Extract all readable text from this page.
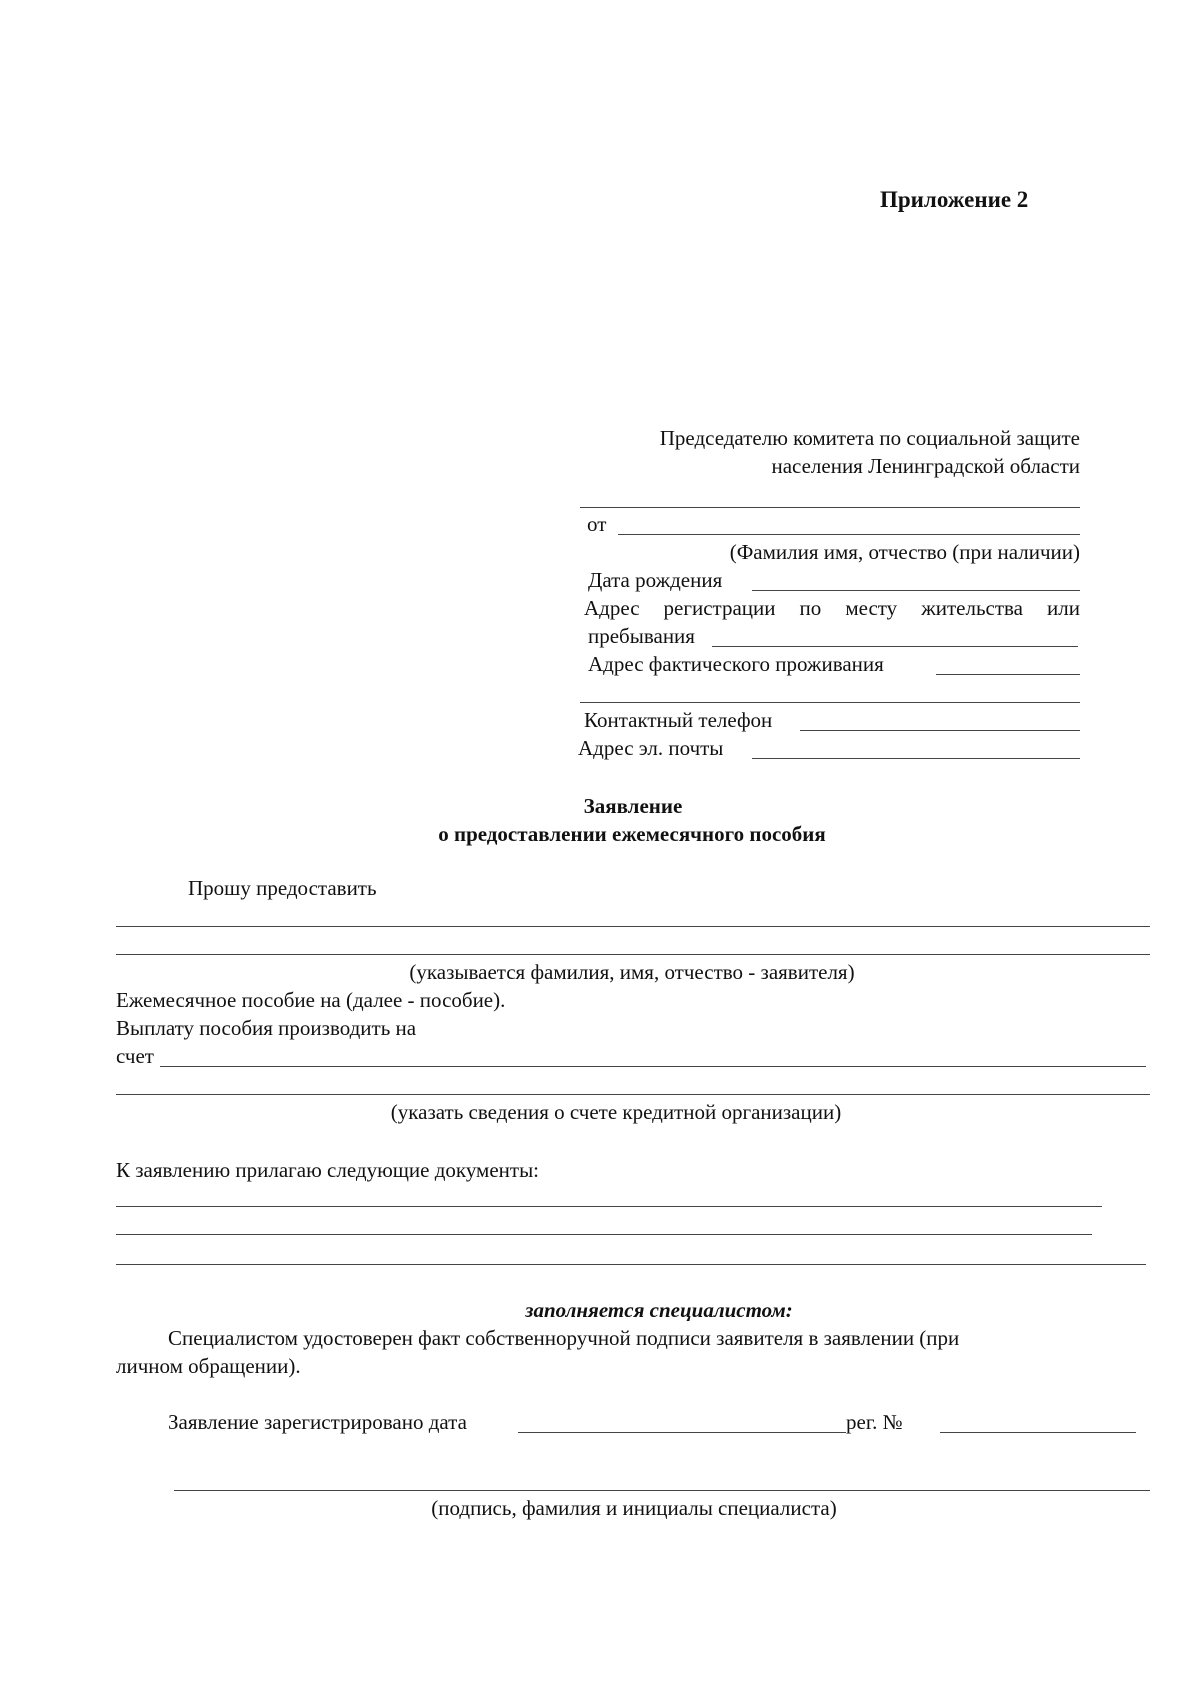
Приложение 2
Председателю комитета по социальной защите
населения Ленинградской области
от
(Фамилия имя, отчество (при наличии)
Дата рождения
Адрес регистрации по месту жительства или
пребывания
Адрес фактического проживания
Контактный телефон
Адрес эл. почты
Заявление
о предоставлении ежемесячного пособия
Прошу предоставить
(указывается фамилия, имя, отчество - заявителя)
Ежемесячное пособие на (далее - пособие).
Выплату пособия производить на
счет
(указать сведения о счете кредитной организации)
К заявлению прилагаю следующие документы:
заполняется специалистом:
Специалистом удостоверен факт собственноручной подписи заявителя в заявлении (при
личном обращении).
Заявление зарегистрировано дата	рег. №
(подпись, фамилия и инициалы специалиста)
